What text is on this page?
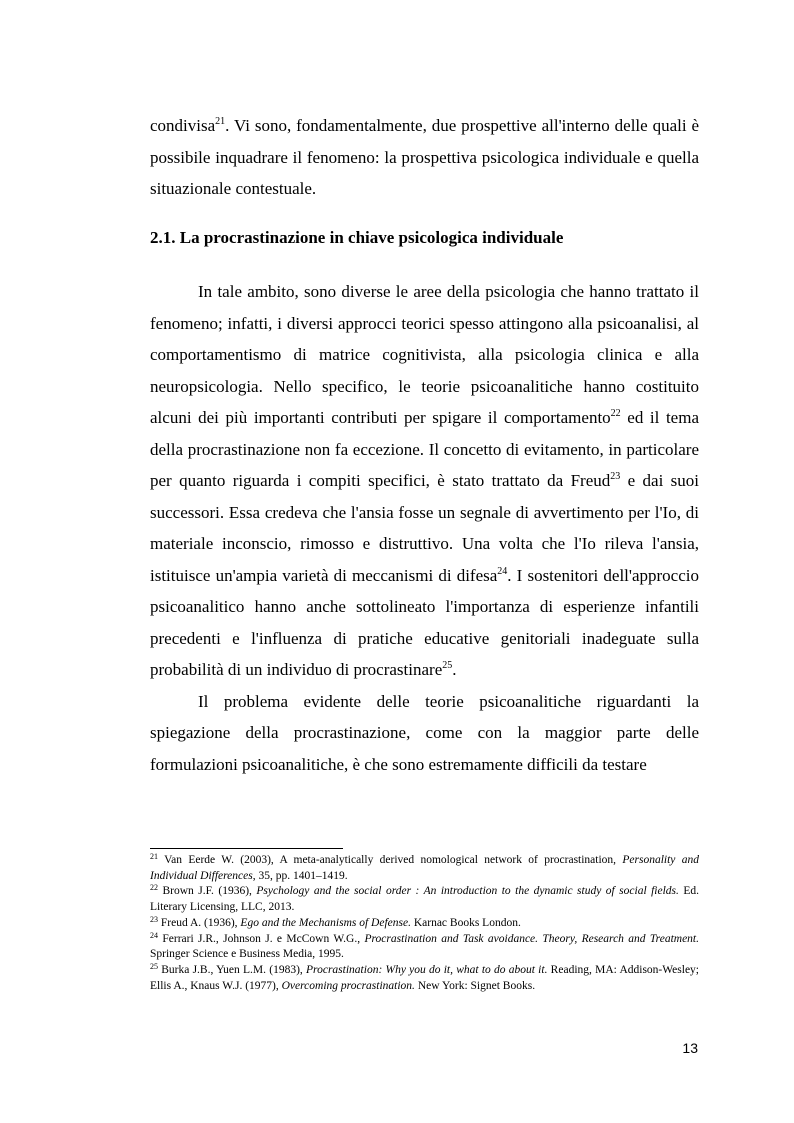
condivisa$^{21}$. Vi sono, fondamentalmente, due prospettive all'interno delle quali è possibile inquadrare il fenomeno: la prospettiva psicologica individuale e quella situazionale contestuale.

2.1. La procrastinazione in chiave psicologica individuale

In tale ambito, sono diverse le aree della psicologia che hanno trattato il fenomeno; infatti, i diversi approcci teorici spesso attingono alla psicoanalisi, al comportamentismo di matrice cognitivista, alla psicologia clinica e alla neuropsicologia. Nello specifico, le teorie psicoanalitiche hanno costituito alcuni dei più importanti contributi per spigare il comportamento$^{22}$ ed il tema della procrastinazione non fa eccezione. Il concetto di evitamento, in particolare per quanto riguarda i compiti specifici, è stato trattato da Freud$^{23}$ e dai suoi successori. Essa credeva che l'ansia fosse un segnale di avvertimento per l'Io, di materiale inconscio, rimosso e distruttivo. Una volta che l'Io rileva l'ansia, istituisce un'ampia varietà di meccanismi di difesa$^{24}$. I sostenitori dell'approccio psicoanalitico hanno anche sottolineato l'importanza di esperienze infantili precedenti e l'influenza di pratiche educative genitoriali inadeguate sulla probabilità di un individuo di procrastinare$^{25}$.

Il problema evidente delle teorie psicoanalitiche riguardanti la spiegazione della procrastinazione, come con la maggior parte delle formulazioni psicoanalitiche, è che sono estremamente difficili da testare

$^{21}$ Van Eerde W. (2003), A meta-analytically derived nomological network of procrastination, Personality and Individual Differences, 35, pp. 1401–1419.

$^{22}$ Brown J.F. (1936), Psychology and the social order : An introduction to the dynamic study of social fields. Ed. Literary Licensing, LLC, 2013.

$^{23}$ Freud A. (1936), Ego and the Mechanisms of Defense. Karnac Books London.

$^{24}$ Ferrari J.R., Johnson J. e McCown W.G., Procrastination and Task avoidance. Theory, Research and Treatment. Springer Science e Business Media, 1995.

$^{25}$ Burka J.B., Yuen L.M. (1983), Procrastination: Why you do it, what to do about it. Reading, MA: Addison-Wesley; Ellis A., Knaus W.J. (1977), Overcoming procrastination. New York: Signet Books.

13
